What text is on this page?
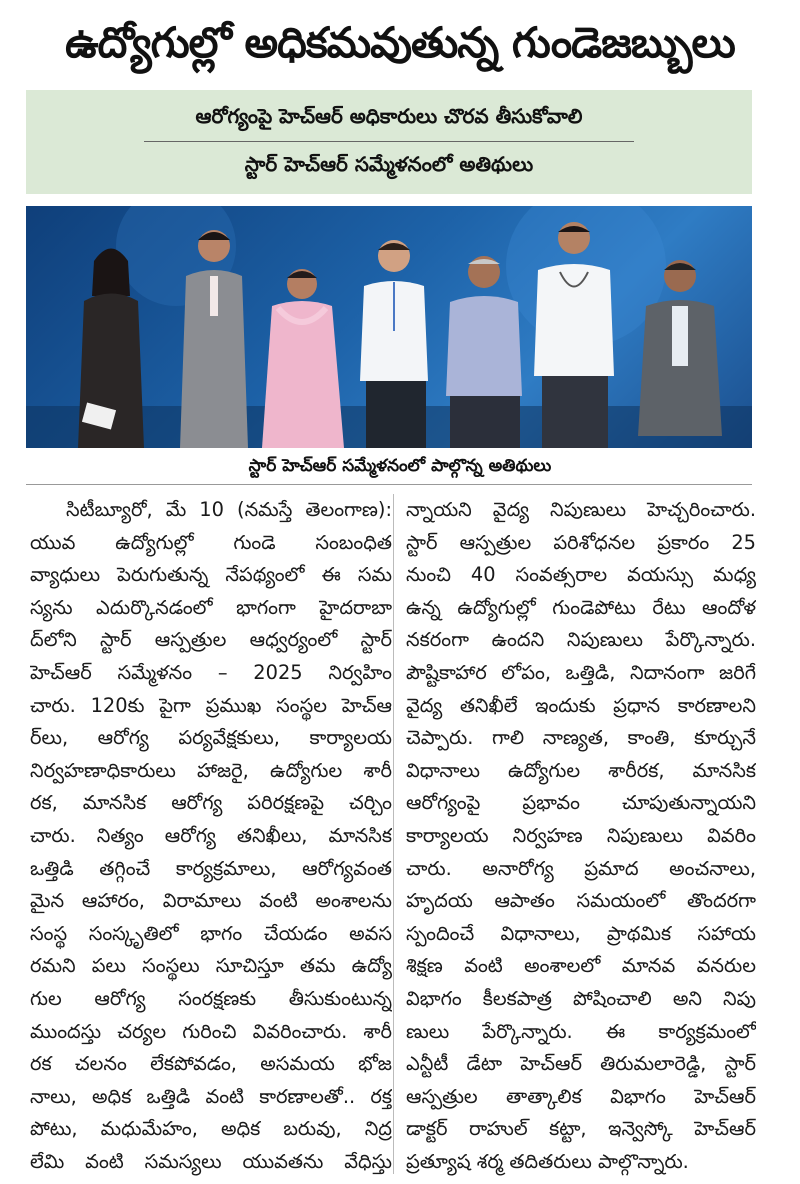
ఉద్యోగుల్లో అధికమవుతున్న గుండెజబ్బులు
ఆరోగ్యంపై హెచ్ఆర్ అధికారులు చొరవ తీసుకోవాలి
స్టార్ హెచ్ఆర్ సమ్మేళనంలో అతిథులు
స్టార్ హెచ్ఆర్ సమ్మేళనంలో పాల్గొన్న అతిథులు
సిటీబ్యూరో, మే 10 (నమస్తే తెలంగాణ):
యువ ఉద్యోగుల్లో గుండె సంబంధిత
వ్యాధులు పెరుగుతున్న నేపథ్యంలో ఈ సమ
స్యను ఎదుర్కొనడంలో భాగంగా హైదరాబా
ద్‌లోని స్టార్ ఆస్పత్రుల ఆధ్వర్యంలో స్టార్
హెచ్ఆర్ సమ్మేళనం – 2025 నిర్వహిం
చారు. 120కు పైగా ప్రముఖ సంస్థల హెచ్ఆ
ర్‌లు, ఆరోగ్య పర్యవేక్షకులు, కార్యాలయ
నిర్వహణాధికారులు హాజరై, ఉద్యోగుల శారీ
రక, మానసిక ఆరోగ్య పరిరక్షణపై చర్చిం
చారు. నిత్యం ఆరోగ్య తనిఖీలు, మానసిక
ఒత్తిడి తగ్గించే కార్యక్రమాలు, ఆరోగ్యవంత
మైన ఆహారం, విరామాలు వంటి అంశాలను
సంస్థ సంస్కృతిలో భాగం చేయడం అవస
రమని పలు సంస్థలు సూచిస్తూ తమ ఉద్యో
గుల ఆరోగ్య సంరక్షణకు తీసుకుంటున్న
ముందస్తు చర్యల గురించి వివరించారు. శారీ
రక చలనం లేకపోవడం, అసమయ భోజ
నాలు, అధిక ఒత్తిడి వంటి కారణాలతో.. రక్త
పోటు, మధుమేహం, అధిక బరువు, నిద్ర
లేమి వంటి సమస్యలు యువతను వేధిస్తు
న్నాయని వైద్య నిపుణులు హెచ్చరించారు.
స్టార్ ఆస్పత్రుల పరిశోధనల ప్రకారం 25
నుంచి 40 సంవత్సరాల వయస్సు మధ్య
ఉన్న ఉద్యోగుల్లో గుండెపోటు రేటు ఆందోళ
నకరంగా ఉందని నిపుణులు పేర్కొన్నారు.
పౌష్టికాహార లోపం, ఒత్తిడి, నిదానంగా జరిగే
వైద్య తనిఖీలే ఇందుకు ప్రధాన కారణాలని
చెప్పారు. గాలి నాణ్యత, కాంతి, కూర్చునే
విధానాలు ఉద్యోగుల శారీరక, మానసిక
ఆరోగ్యంపై ప్రభావం చూపుతున్నాయని
కార్యాలయ నిర్వహణ నిపుణులు వివరిం
చారు. అనారోగ్య ప్రమాద అంచనాలు,
హృదయ ఆపాతం సమయంలో తొందరగా
స్పందించే విధానాలు, ప్రాథమిక సహాయ
శిక్షణ వంటి అంశాలలో మానవ వనరుల
విభాగం కీలకపాత్ర పోషించాలి అని నిపు
ణులు పేర్కొన్నారు. ఈ కార్యక్రమంలో
ఎన్టీటీ డేటా హెచ్ఆర్ తిరుమలారెడ్డి, స్టార్
ఆస్పత్రుల తాత్కాలిక విభాగం హెచ్ఆర్
డాక్టర్ రాహుల్ కట్టా, ఇన్వెస్కో హెచ్ఆర్
ప్రత్యూష శర్మ తదితరులు పాల్గొన్నారు.
